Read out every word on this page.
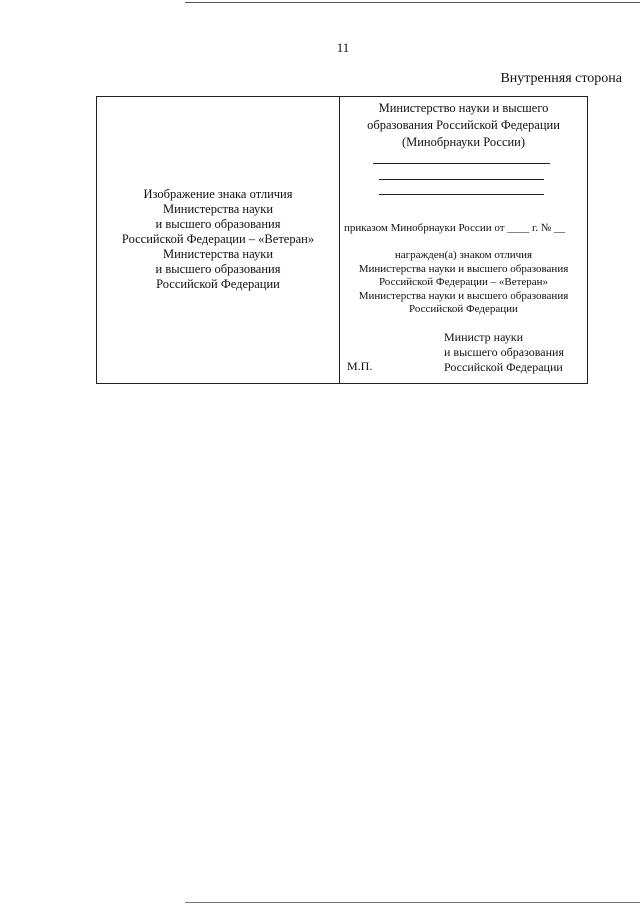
11
Внутренняя сторона
Изображение знака отличия
Министерства науки
и высшего образования
Российской Федерации – «Ветеран»
Министерства науки
и высшего образования
Российской Федерации
Министерство науки и высшего
образования Российской Федерации
(Минобрнауки России)
приказом Минобрнауки России от ____ г. № __
награжден(а) знаком отличия
Министерства науки и высшего образования
Российской Федерации – «Ветеран»
Министерства науки и высшего образования
Российской Федерации
Министр науки
и высшего образования
Российской Федерации
М.П.
